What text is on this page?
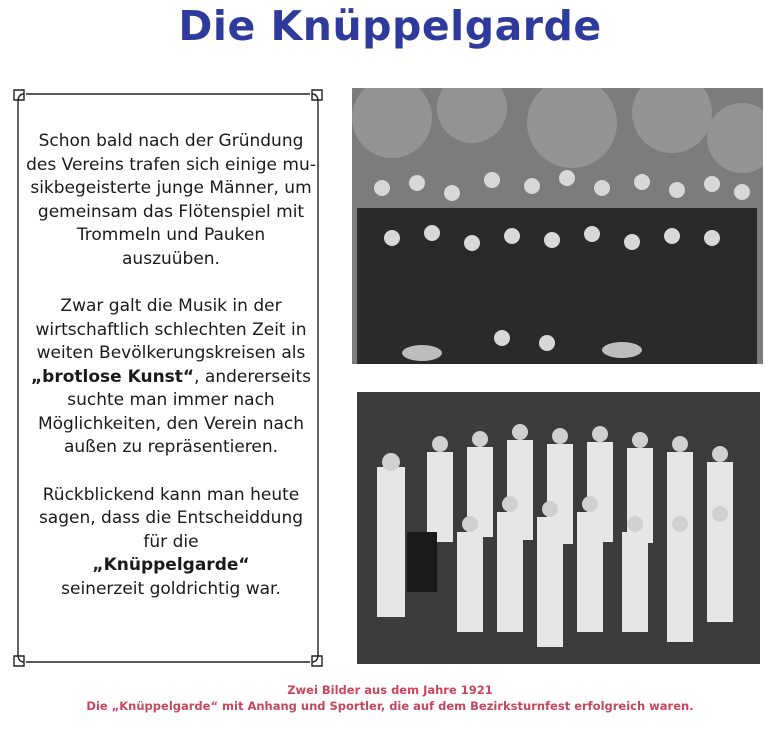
Die Knüppelgarde

Schon bald nach der Gründung des Vereins trafen sich einige mu-sikbegeisterte junge Männer, um gemeinsam das Flötenspiel mit Trommeln und Pauken auszuüben.

Zwar galt die Musik in der wirtschaftlich schlechten Zeit in weiten Bevölkerungskreisen als
„brotlose Kunst“, andererseits suchte man immer nach Möglichkeiten, den Verein nach außen zu repräsentieren.

Rückblickend kann man heute sagen, dass die Entscheiddung für die
„Knüppelgarde“
seinerzeit goldrichtig war.

Zwei Bilder aus dem Jahre 1921
Die „Knüppelgarde“ mit Anhang und Sportler, die auf dem Bezirksturnfest erfolgreich waren.
